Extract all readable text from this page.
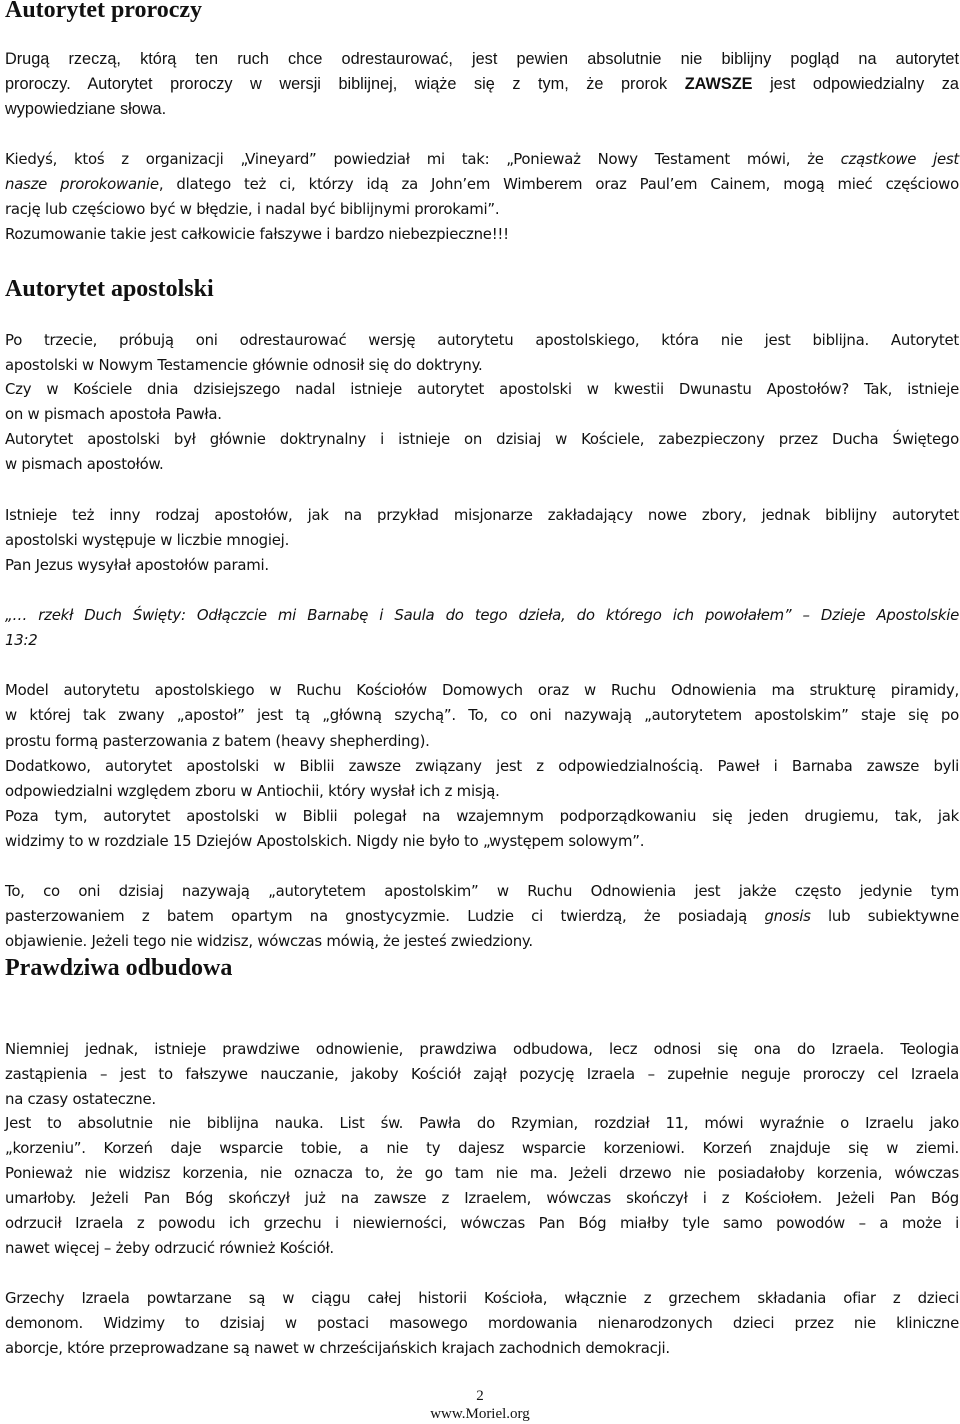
Autorytet proroczy

Drugą rzeczą, którą ten ruch chce odrestaurować, jest pewien absolutnie nie biblijny pogląd na autorytet

proroczy. Autorytet proroczy w wersji biblijnej, wiąże się z tym, że prorok ZAWSZE jest odpowiedzialny za

wypowiedziane słowa.

Kiedyś, ktoś z organizacji „Vineyard” powiedział mi tak: „Ponieważ Nowy Testament mówi, że cząstkowe jest

nasze prorokowanie, dlatego też ci, którzy idą za John’em Wimberem oraz Paul’em Cainem, mogą mieć częściowo

rację lub częściowo być w błędzie, i nadal być biblijnymi prorokami”.

Rozumowanie takie jest całkowicie fałszywe i bardzo niebezpieczne!!!

Autorytet apostolski

Po trzecie, próbują oni odrestaurować wersję autorytetu apostolskiego, która nie jest biblijna. Autorytet

apostolski w Nowym Testamencie głównie odnosił się do doktryny.

Czy w Kościele dnia dzisiejszego nadal istnieje autorytet apostolski w kwestii Dwunastu Apostołów? Tak, istnieje

on w pismach apostoła Pawła.

Autorytet apostolski był głównie doktrynalny i istnieje on dzisiaj w Kościele, zabezpieczony przez Ducha Świętego

w pismach apostołów.

Istnieje też inny rodzaj apostołów, jak na przykład misjonarze zakładający nowe zbory, jednak biblijny autorytet

apostolski występuje w liczbie mnogiej.

Pan Jezus wysyłał apostołów parami.

„… rzekł Duch Święty: Odłączcie mi Barnabę i Saula do tego dzieła, do którego ich powołałem” – Dzieje Apostolskie

13:2

Model autorytetu apostolskiego w Ruchu Kościołów Domowych oraz w Ruchu Odnowienia ma strukturę piramidy,

w której tak zwany „apostoł” jest tą „główną szychą”. To, co oni nazywają „autorytetem apostolskim” staje się po

prostu formą pasterzowania z batem (heavy shepherding).

Dodatkowo, autorytet apostolski w Biblii zawsze związany jest z odpowiedzialnością. Paweł i Barnaba zawsze byli

odpowiedzialni względem zboru w Antiochii, który wysłał ich z misją.

Poza tym, autorytet apostolski w Biblii polegał na wzajemnym podporządkowaniu się jeden drugiemu, tak, jak

widzimy to w rozdziale 15 Dziejów Apostolskich. Nigdy nie było to „występem solowym”.

To, co oni dzisiaj nazywają „autorytetem apostolskim” w Ruchu Odnowienia jest jakże często jedynie tym

pasterzowaniem z batem opartym na gnostycyzmie. Ludzie ci twierdzą, że posiadają gnosis lub subiektywne

objawienie. Jeżeli tego nie widzisz, wówczas mówią, że jesteś zwiedziony.

Prawdziwa odbudowa

Niemniej jednak, istnieje prawdziwe odnowienie, prawdziwa odbudowa, lecz odnosi się ona do Izraela. Teologia

zastąpienia – jest to fałszywe nauczanie, jakoby Kościół zajął pozycję Izraela – zupełnie neguje proroczy cel Izraela

na czasy ostateczne.

Jest to absolutnie nie biblijna nauka. List św. Pawła do Rzymian, rozdział 11, mówi wyraźnie o Izraelu jako

„korzeniu”. Korzeń daje wsparcie tobie, a nie ty dajesz wsparcie korzeniowi. Korzeń znajduje się w ziemi.

Ponieważ nie widzisz korzenia, nie oznacza to, że go tam nie ma. Jeżeli drzewo nie posiadałoby korzenia, wówczas

umarłoby. Jeżeli Pan Bóg skończył już na zawsze z Izraelem, wówczas skończył i z Kościołem. Jeżeli Pan Bóg

odrzucił Izraela z powodu ich grzechu i niewierności, wówczas Pan Bóg miałby tyle samo powodów – a może i

nawet więcej – żeby odrzucić również Kościół.

Grzechy Izraela powtarzane są w ciągu całej historii Kościoła, włącznie z grzechem składania ofiar z dzieci

demonom. Widzimy to dzisiaj w postaci masowego mordowania nienarodzonych dzieci przez nie kliniczne

aborcje, które przeprowadzane są nawet w chrześcijańskich krajach zachodnich demokracji.

2
www.Moriel.org
